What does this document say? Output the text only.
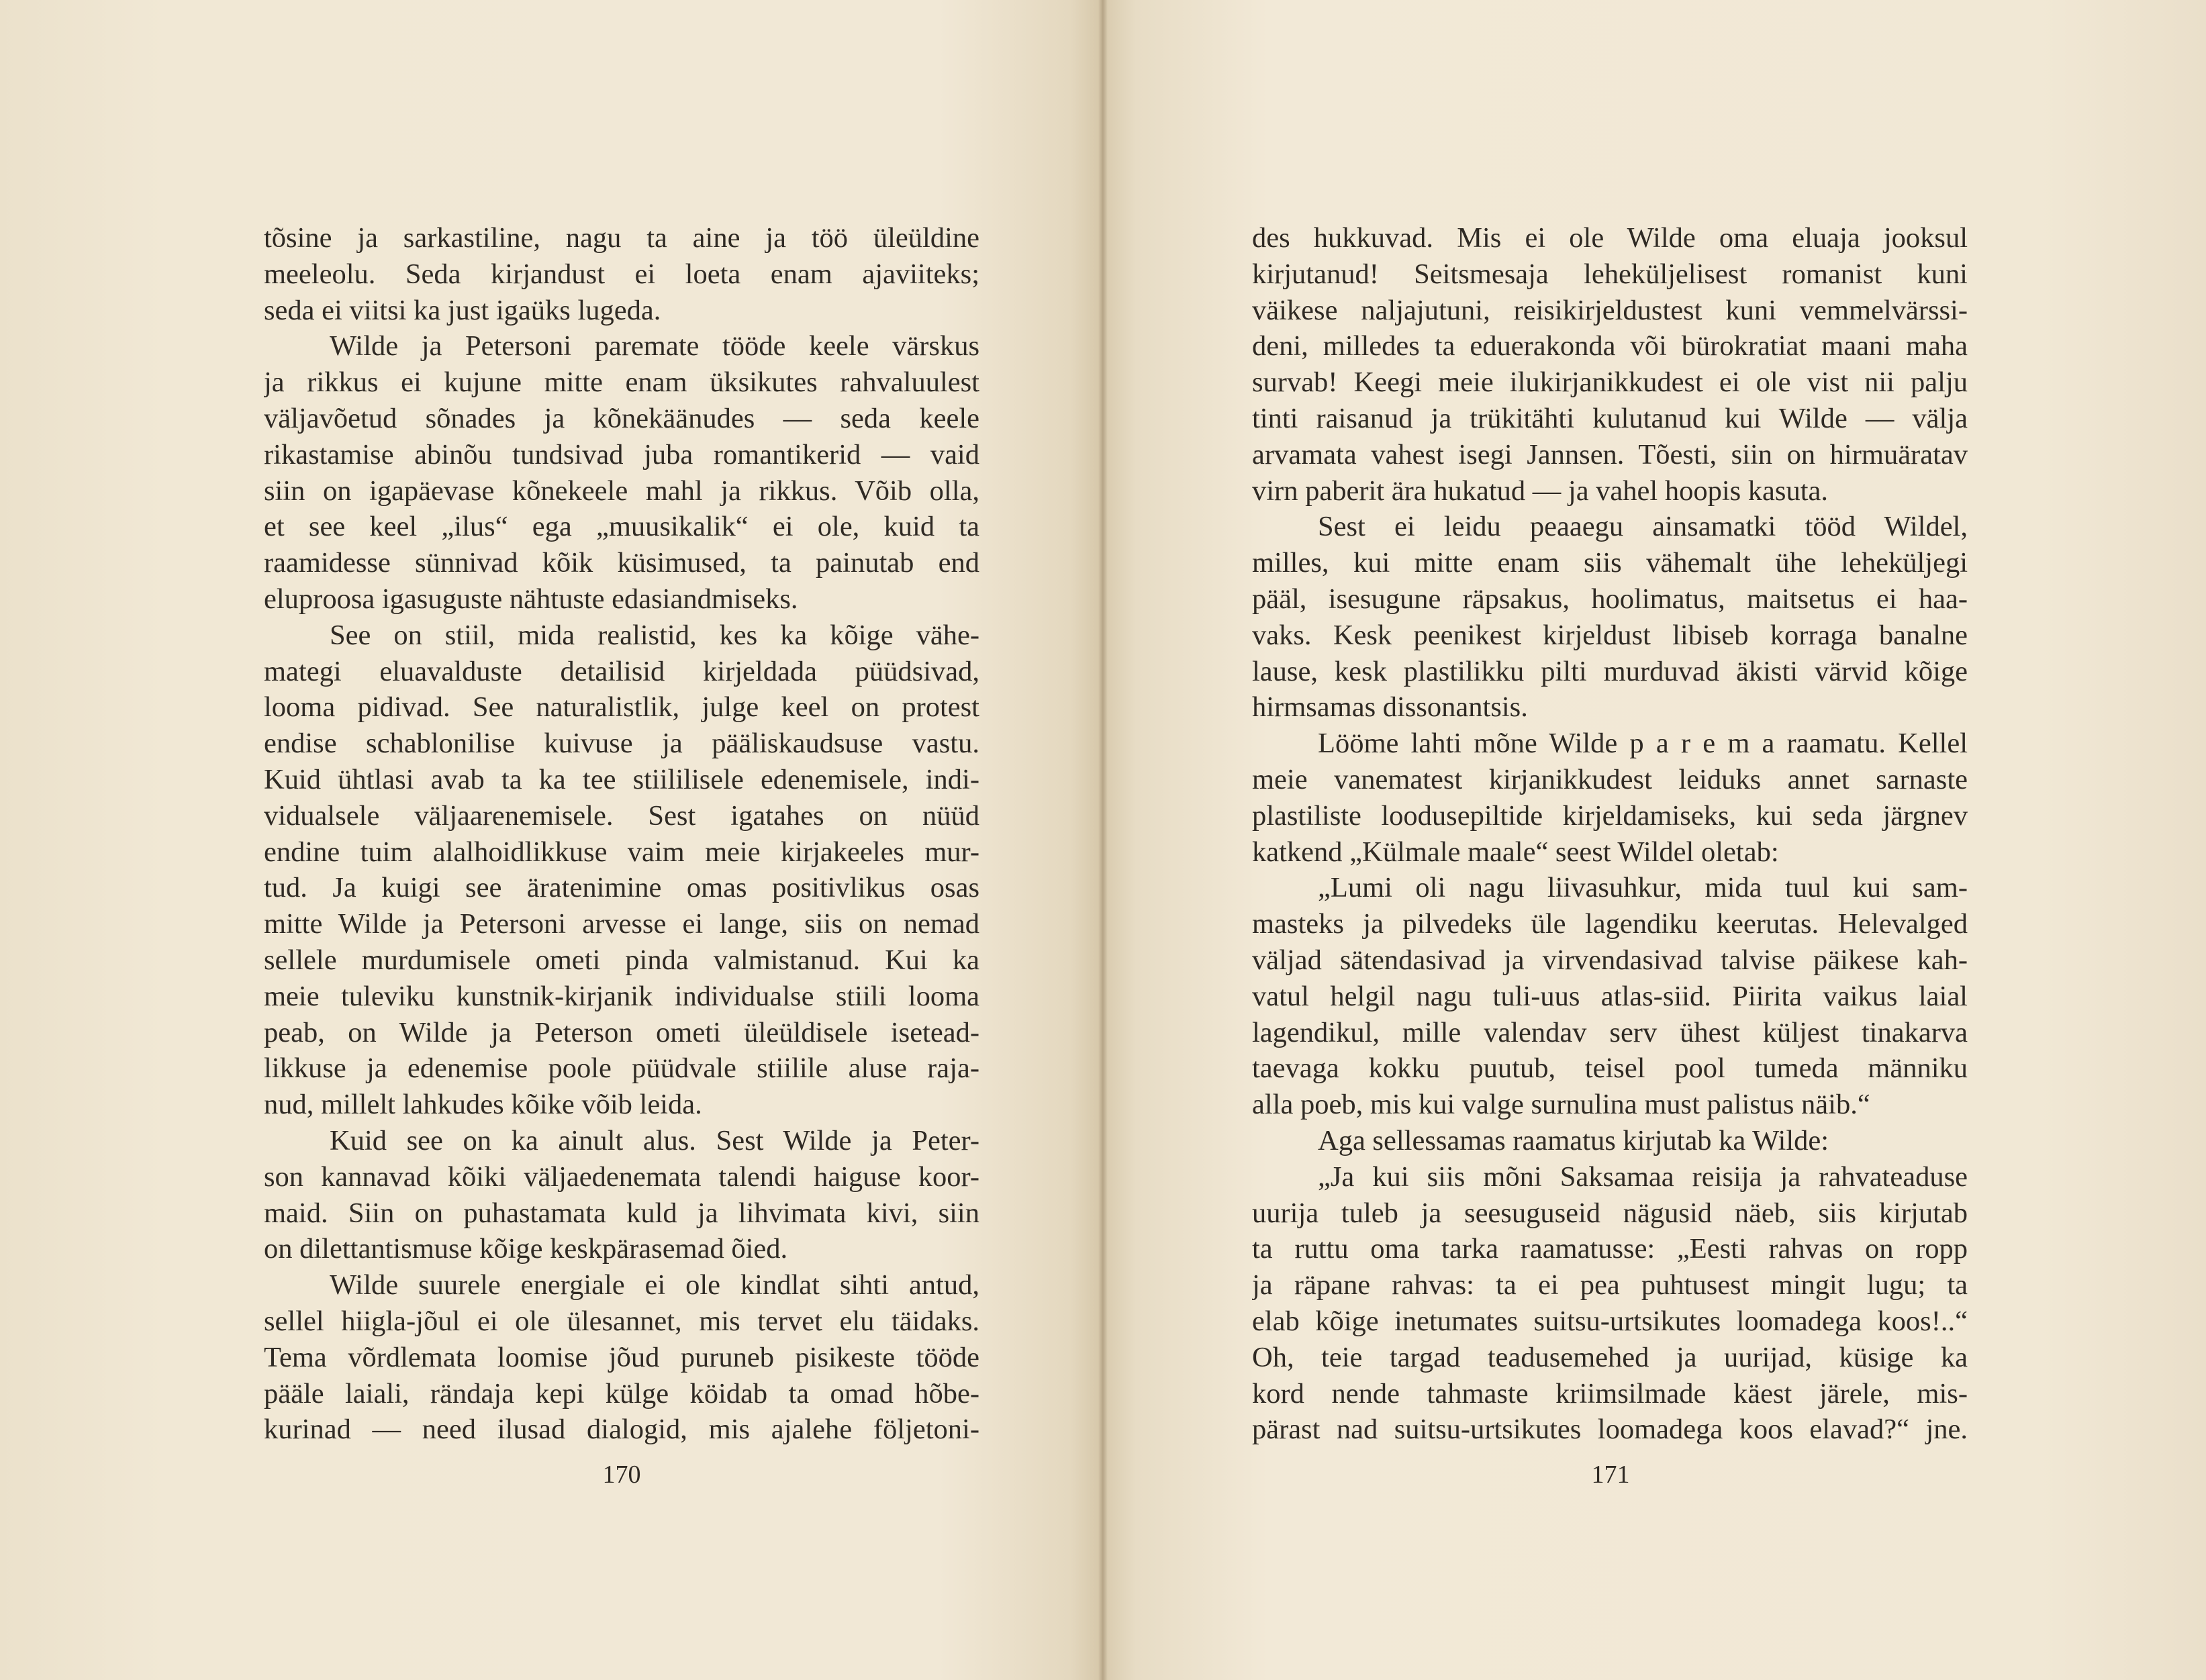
tõsine ja sarkastiline, nagu ta aine ja töö üleüldine
meeleolu. Seda kirjandust ei loeta enam ajaviiteks;
seda ei viitsi ka just igaüks lugeda.
Wilde ja Petersoni paremate tööde keele värskus
ja rikkus ei kujune mitte enam üksikutes rahvaluulest
väljavõetud sõnades ja kõnekäänudes — seda keele
rikastamise abinõu tundsivad juba romantikerid — vaid
siin on igapäevase kõnekeele mahl ja rikkus. Võib olla,
et see keel „ilus“ ega „muusikalik“ ei ole, kuid ta
raamidesse sünnivad kõik küsimused, ta painutab end
eluproosa igasuguste nähtuste edasiandmiseks.
See on stiil, mida realistid, kes ka kõige vähe-
mategi eluavalduste detailisid kirjeldada püüdsivad,
looma pidivad. See naturalistlik, julge keel on protest
endise schablonilise kuivuse ja pääliskaudsuse vastu.
Kuid ühtlasi avab ta ka tee stiililisele edenemisele, indi-
vidualsele väljaarenemisele. Sest igatahes on nüüd
endine tuim alalhoidlikkuse vaim meie kirjakeeles mur-
tud. Ja kuigi see äratenimine omas positivlikus osas
mitte Wilde ja Petersoni arvesse ei lange, siis on nemad
sellele murdumisele ometi pinda valmistanud. Kui ka
meie tuleviku kunstnik-kirjanik individualse stiili looma
peab, on Wilde ja Peterson ometi üleüldisele isetead-
likkuse ja edenemise poole püüdvale stiilile aluse raja-
nud, millelt lahkudes kõike võib leida.
Kuid see on ka ainult alus. Sest Wilde ja Peter-
son kannavad kõiki väljaedenemata talendi haiguse koor-
maid. Siin on puhastamata kuld ja lihvimata kivi, siin
on dilettantismuse kõige keskpärasemad õied.
Wilde suurele energiale ei ole kindlat sihti antud,
sellel hiigla-jõul ei ole ülesannet, mis tervet elu täidaks.
Tema võrdlemata loomise jõud puruneb pisikeste tööde
pääle laiali, rändaja kepi külge köidab ta omad hõbe-
kurinad — need ilusad dialogid, mis ajalehe följetoni-
170
des hukkuvad. Mis ei ole Wilde oma eluaja jooksul
kirjutanud! Seitsmesaja leheküljelisest romanist kuni
väikese naljajutuni, reisikirjeldustest kuni vemmelvärssi-
deni, milledes ta eduerakonda või bürokratiat maani maha
survab! Keegi meie ilukirjanikkudest ei ole vist nii palju
tinti raisanud ja trükitähti kulutanud kui Wilde — välja
arvamata vahest isegi Jannsen. Tõesti, siin on hirmuäratav
virn paberit ära hukatud — ja vahel hoopis kasuta.
Sest ei leidu peaaegu ainsamatki tööd Wildel,
milles, kui mitte enam siis vähemalt ühe leheküljegi
pääl, isesugune räpsakus, hoolimatus, maitsetus ei haa-
vaks. Kesk peenikest kirjeldust libiseb korraga banalne
lause, kesk plastilikku pilti murduvad äkisti värvid kõige
hirmsamas dissonantsis.
Lööme lahti mõne Wilde p a r e m a raamatu. Kellel
meie vanematest kirjanikkudest leiduks annet sarnaste
plastiliste loodusepiltide kirjeldamiseks, kui seda järgnev
katkend „Külmale maale“ seest Wildel oletab:
„Lumi oli nagu liivasuhkur, mida tuul kui sam-
masteks ja pilvedeks üle lagendiku keerutas. Helevalged
väljad sätendasivad ja virvendasivad talvise päikese kah-
vatul helgil nagu tuli-uus atlas-siid. Piirita vaikus laial
lagendikul, mille valendav serv ühest küljest tinakarva
taevaga kokku puutub, teisel pool tumeda männiku
alla poeb, mis kui valge surnulina must palistus näib.“
Aga sellessamas raamatus kirjutab ka Wilde:
„Ja kui siis mõni Saksamaa reisija ja rahvateaduse
uurija tuleb ja seesuguseid nägusid näeb, siis kirjutab
ta ruttu oma tarka raamatusse: „Eesti rahvas on ropp
ja räpane rahvas: ta ei pea puhtusest mingit lugu; ta
elab kõige inetumates suitsu-urtsikutes loomadega koos!..“
Oh, teie targad teadusemehed ja uurijad, küsige ka
kord nende tahmaste kriimsilmade käest järele, mis-
pärast nad suitsu-urtsikutes loomadega koos elavad?“ jne.
171
